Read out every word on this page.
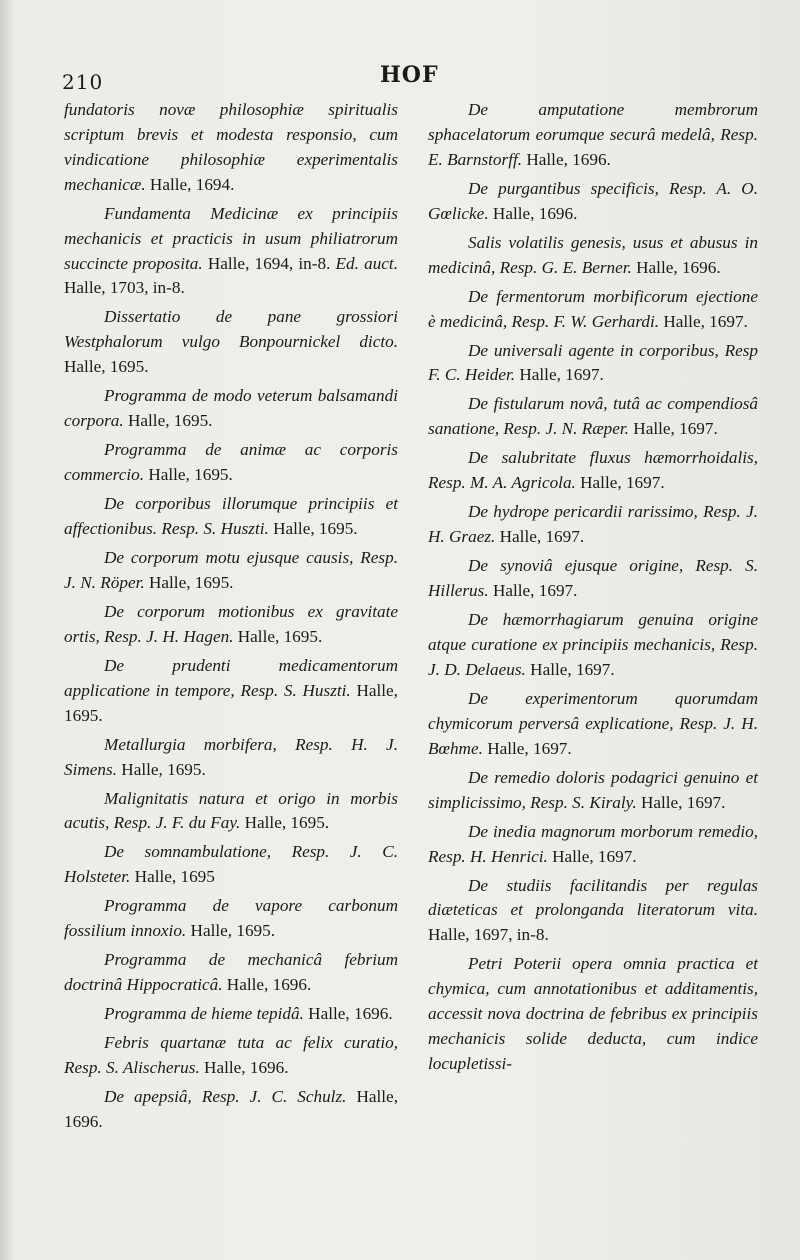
210	HOF

fundatoris novæ philosophiæ spiritualis scriptum brevis et modesta responsio, cum vindicatione philosophiæ experimentalis mechanicæ. Halle, 1694.

Fundamenta Medicinæ ex principiis mechanicis et practicis in usum philiatrorum succincte proposita. Halle, 1694, in-8. Ed. auct. Halle, 1703, in-8.

Dissertatio de pane grossiori Westphalorum vulgo Bonpournickel dicto. Halle, 1695.

Programma de modo veterum balsamandi corpora. Halle, 1695.

Programma de animæ ac corporis commercio. Halle, 1695.

De corporibus illorumque principiis et affectionibus. Resp. S. Huszti. Halle, 1695.

De corporum motu ejusque causis, Resp. J. N. Röper. Halle, 1695.

De corporum motionibus ex gravitate ortis, Resp. J. H. Hagen. Halle, 1695.

De prudenti medicamentorum applicatione in tempore, Resp. S. Huszti. Halle, 1695.

Metallurgia morbifera, Resp. H. J. Simens. Halle, 1695.

Malignitatis natura et origo in morbis acutis, Resp. J. F. du Fay. Halle, 1695.

De somnambulatione, Resp. J. C. Holsteter. Halle, 1695

Programma de vapore carbonum fossilium innoxio. Halle, 1695.

Programma de mechanicâ febrium doctrinâ Hippocraticâ. Halle, 1696.

Programma de hieme tepidâ. Halle, 1696.

Febris quartanæ tuta ac felix curatio, Resp. S. Alischerus. Halle, 1696.

De apepsiâ, Resp. J. C. Schulz. Halle, 1696.

De amputatione membrorum sphacelatorum eorumque securâ medelâ, Resp. E. Barnstorff. Halle, 1696.

De purgantibus specificis, Resp. A. O. Gœlicke. Halle, 1696.

Salis volatilis genesis, usus et abusus in medicinâ, Resp. G. E. Berner. Halle, 1696.

De fermentorum morbificorum ejectione è medicinâ, Resp. F. W. Gerhardi. Halle, 1697.

De universali agente in corporibus, Resp F. C. Heider. Halle, 1697.

De fistularum novâ, tutâ ac compendiosâ sanatione, Resp. J. N. Ræper. Halle, 1697.

De salubritate fluxus hæmorrhoidalis, Resp. M. A. Agricola. Halle, 1697.

De hydrope pericardii rarissimo, Resp. J. H. Graez. Halle, 1697.

De synoviâ ejusque origine, Resp. S. Hillerus. Halle, 1697.

De hæmorrhagiarum genuina origine atque curatione ex principiis mechanicis, Resp. J. D. Delaeus. Halle, 1697.

De experimentorum quorumdam chymicorum perversâ explicatione, Resp. J. H. Bœhme. Halle, 1697.

De remedio doloris podagrici genuino et simplicissimo, Resp. S. Kiraly. Halle, 1697.

De inedia magnorum morborum remedio, Resp. H. Henrici. Halle, 1697.

De studiis facilitandis per regulas diæteticas et prolonganda literatorum vita. Halle, 1697, in-8.

Petri Poterii opera omnia practica et chymica, cum annotationibus et additamentis, accessit nova doctrina de febribus ex principiis mechanicis solide deducta, cum indice locupletissi-
